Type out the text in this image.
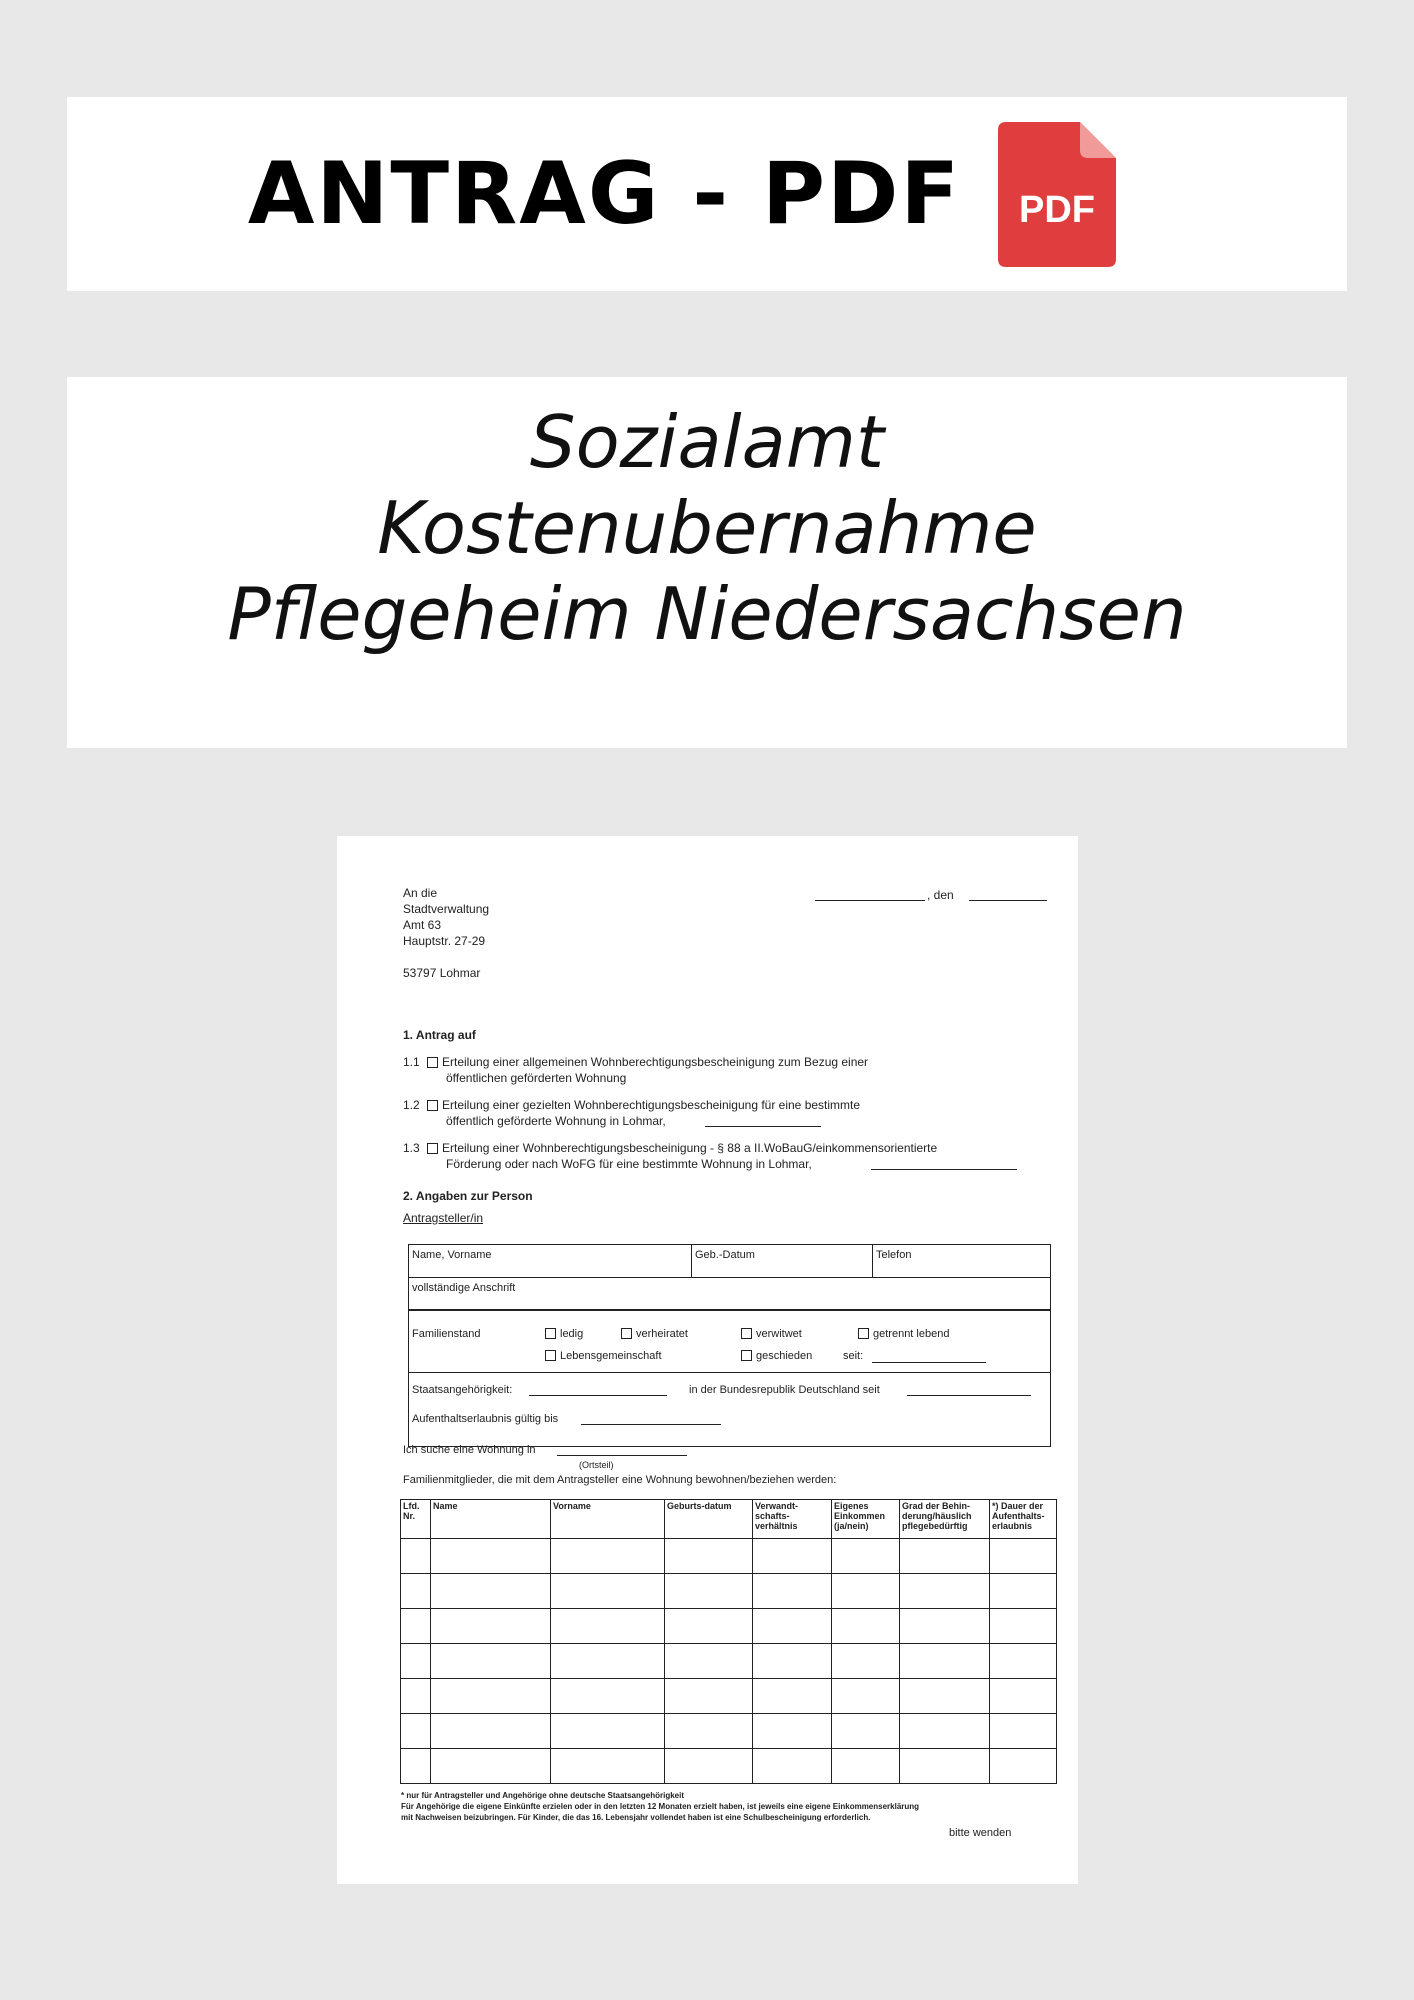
ANTRAG - PDF	PDF
Sozialamt
Kostenubernahme
Pflegeheim Niedersachsen
An die
Stadtverwaltung
Amt 63
Hauptstr. 27-29
53797 Lohmar
, den
1. Antrag auf
1.1	Erteilung einer allgemeinen Wohnberechtigungsbescheinigung zum Bezug einer
öffentlichen geförderten Wohnung
1.2	Erteilung einer gezielten Wohnberechtigungsbescheinigung für eine bestimmte
öffentlich geförderte Wohnung in Lohmar,
1.3	Erteilung einer Wohnberechtigungsbescheinigung - § 88 a II.WoBauG/einkommensorientierte
Förderung oder nach WoFG für eine bestimmte Wohnung in Lohmar,
2. Angaben zur Person
Antragsteller/in
Name, Vorname	Geb.-Datum	Telefon
vollständige Anschrift
Familienstand	ledig	verheiratet	verwitwet	getrennt lebend
Lebensgemeinschaft	geschieden	seit:
Staatsangehörigkeit:	in der Bundesrepublik Deutschland seit
Aufenthaltserlaubnis gültig bis
Ich suche eine Wohnung in
(Ortsteil)
Familienmitglieder, die mit dem Antragsteller eine Wohnung bewohnen/beziehen werden:
Lfd. Nr.	Name	Vorname	Geburts-datum	Verwandt-schafts-verhältnis	Eigenes Einkommen (ja/nein)	Grad der Behin-derung/häuslich pflegebedürftig	*) Dauer der Aufenthalts-erlaubnis

* nur für Antragsteller und Angehörige ohne deutsche Staatsangehörigkeit
Für Angehörige die eigene Einkünfte erzielen oder in den letzten 12 Monaten erzielt haben, ist jeweils eine eigene Einkommenserklärung
mit Nachweisen beizubringen. Für Kinder, die das 16. Lebensjahr vollendet haben ist eine Schulbescheinigung erforderlich.
bitte wenden
